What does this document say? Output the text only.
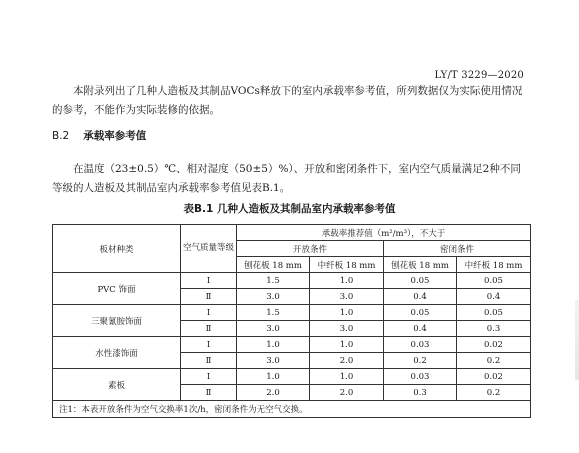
LY/T 3229—2020
本附录列出了几种人造板及其制品VOCs释放下的室内承载率参考值，所列数据仅为实际使用情况的参考，不能作为实际装修的依据。
B.2 承载率参考值
在温度（23±0.5）℃、相对湿度（50±5）%）、开放和密闭条件下，室内空气质量满足2种不同等级的人造板及其制品室内承载率参考值见表B.1。
表B.1 几种人造板及其制品室内承载率参考值
板材种类	空气质量等级	承载率推荐值（m²/m³），不大于			
		开放条件		密闭条件	
		刨花板 18 mm	中纤板 18 mm	刨花板 18 mm	中纤板 18 mm
PVC 饰面	Ⅰ	1.5	1.0	0.05	0.05
	Ⅱ	3.0	3.0	0.4	0.4
三聚氰胺饰面	Ⅰ	1.5	1.0	0.05	0.05
	Ⅱ	3.0	3.0	0.4	0.3
水性漆饰面	Ⅰ	1.0	1.0	0.03	0.02
	Ⅱ	3.0	2.0	0.2	0.2
素板	Ⅰ	1.0	1.0	0.03	0.02
	Ⅱ	2.0	2.0	0.3	0.2
注1：本表开放条件为空气交换率1次/h，密闭条件为无空气交换。					
